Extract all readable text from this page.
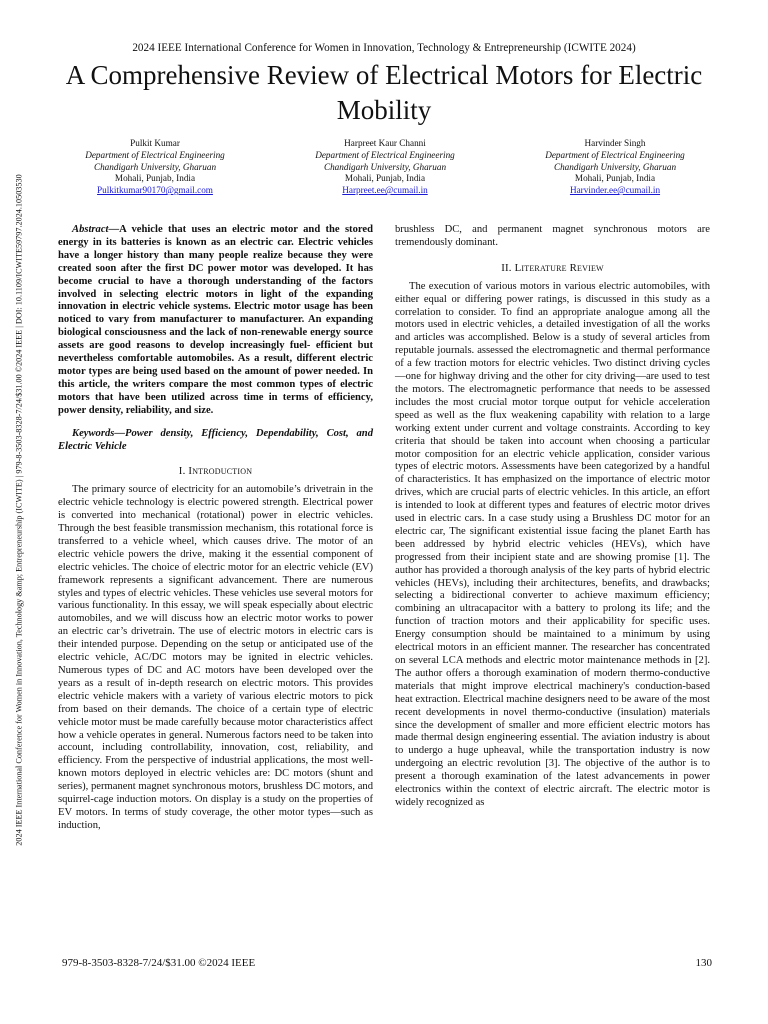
2024 IEEE International Conference for Women in Innovation, Technology & Entrepreneurship (ICWITE 2024)
A Comprehensive Review of Electrical Motors for Electric Mobility
2024 IEEE International Conference for Women in Innovation, Technology &amp; Entrepreneurship (ICWITE) | 979-8-3503-8328-7/24/$31.00 ©2024 IEEE | DOI: 10.1109/ICWITE59797.2024.10503530
Pulkit Kumar
Department of Electrical Engineering
Chandigarh University, Gharuan
Mohali, Punjab, India
Pulkitkumar90170@gmail.com
Harpreet Kaur Channi
Department of Electrical Engineering
Chandigarh University, Gharuan
Mohali, Punjab, India
Harpreet.ee@cumail.in
Harvinder Singh
Department of Electrical Engineering
Chandigarh University, Gharuan
Mohali, Punjab, India
Harvinder.ee@cumail.in

Abstract—A vehicle that uses an electric motor and the stored energy in its batteries is known as an electric car. Electric vehicles have a longer history than many people realize because they were created soon after the first DC power motor was developed. It has become crucial to have a thorough understanding of the factors involved in selecting electric motors in light of the expanding innovation in electric vehicle systems. Electric motor usage has been noticed to vary from manufacturer to manufacturer. An expanding biological consciousness and the lack of non-renewable energy source assets are good reasons to develop increasingly fuel- efficient but nevertheless comfortable automobiles. As a result, different electric motor types are being used based on the amount of power needed. In this article, the writers compare the most common types of electric motors that have been utilized across time in terms of efficiency, power density, reliability, and size.

Keywords—Power density, Efficiency, Dependability, Cost, and Electric Vehicle

I. Introduction

The primary source of electricity for an automobile’s drivetrain in the electric vehicle technology is electric powered strength. Electrical power is converted into mechanical (rotational) power in electric vehicles. Through the best feasible transmission mechanism, this rotational force is transferred to a vehicle wheel, which causes drive. The motor of an electric vehicle powers the drive, making it the essential component of electric vehicles. The choice of electric motor for an electric vehicle (EV) framework represents a significant advancement. There are numerous styles and types of electric vehicles. These vehicles use several motors for various functionality. In this essay, we will speak especially about electric automobiles, and we will discuss how an electric motor works to power an electric car’s drivetrain. The use of electric motors in electric cars is their intended purpose. Depending on the setup or anticipated use of the electric vehicle, AC/DC motors may be ignited in electric vehicles. Numerous types of DC and AC motors have been developed over the years as a result of in-depth research on electric motors. This provides electric vehicle makers with a variety of various electric motors to pick from based on their demands. The choice of a certain type of electric vehicle motor must be made carefully because motor characteristics affect how a vehicle operates in general. Numerous factors need to be taken into account, including controllability, innovation, cost, reliability, and efficiency. From the perspective of industrial applications, the most well-known motors deployed in electric vehicles are: DC motors (shunt and series), permanent magnet synchronous motors, brushless DC motors, and squirrel-cage induction motors. On display is a study on the properties of EV motors. In terms of study coverage, the other motor types—such as induction,

brushless DC, and permanent magnet synchronous motors are tremendously dominant.

II. Literature Review

The execution of various motors in various electric automobiles, with either equal or differing power ratings, is discussed in this study as a correlation to consider. To find an appropriate analogue among all the motors used in electric vehicles, a detailed investigation of all the works and articles was accomplished. Below is a study of several articles from reputable journals. assessed the electromagnetic and thermal performance of a few traction motors for electric vehicles. Two distinct driving cycles—one for highway driving and the other for city driving—are used to test the motors. The electromagnetic performance that needs to be assessed includes the most crucial motor torque output for vehicle acceleration speed as well as the flux weakening capability with relation to a large working extent under current and voltage constraints. According to key criteria that should be taken into account when choosing a particular motor composition for an electric vehicle application, consider various types of electric motors. Assessments have been categorized by a handful of characteristics. It has emphasized on the importance of electric motor drives, which are crucial parts of electric vehicles. In this article, an effort is intended to look at different types and features of electric motor drives used in electric cars. In a case study using a Brushless DC motor for an electric car, The significant existential issue facing the planet Earth has been addressed by hybrid electric vehicles (HEVs), which have progressed from their incipient state and are showing promise [1]. The author has provided a thorough analysis of the key parts of hybrid electric vehicles (HEVs), including their architectures, benefits, and drawbacks; selecting a bidirectional converter to achieve maximum efficiency; combining an ultracapacitor with a battery to prolong its life; and the function of traction motors and their applicability for specific uses. Energy consumption should be maintained to a minimum by using electrical motors in an efficient manner. The researcher has concentrated on several LCA methods and electric motor maintenance methods in [2]. The author offers a thorough examination of modern thermo-conductive materials that might improve electrical machinery's conduction-based heat extraction. Electrical machine designers need to be aware of the most recent developments in novel thermo-conductive (insulation) materials since the development of smaller and more efficient electric motors has made thermal design engineering essential. The aviation industry is about to undergo a huge upheaval, while the transportation industry is now undergoing an electric revolution [3]. The objective of the author is to present a thorough examination of the latest advancements in power electronics within the context of electric aircraft. The electric motor is widely recognized as

979-8-3503-8328-7/24/$31.00 ©2024 IEEE	130
